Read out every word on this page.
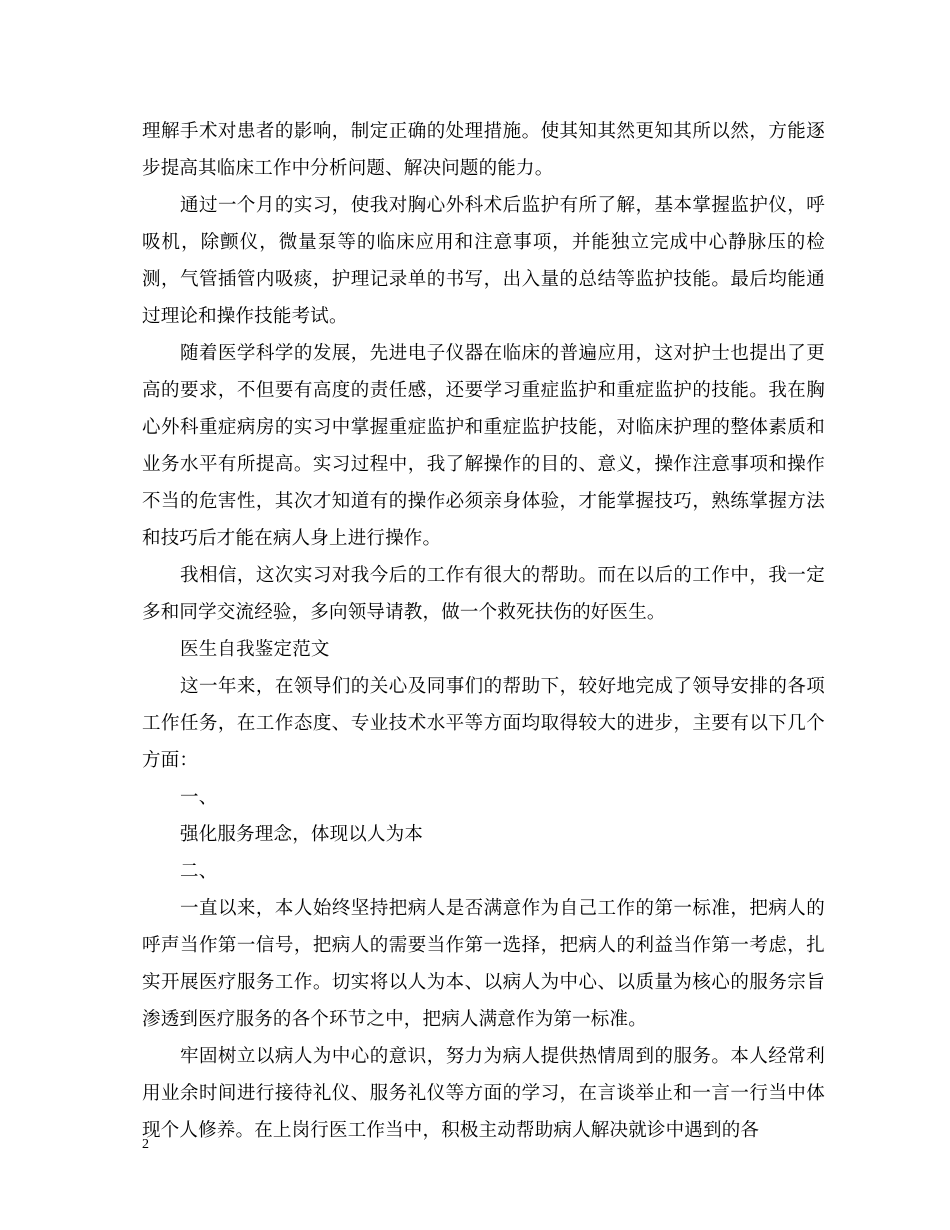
理解手术对患者的影响，制定正确的处理措施。使其知其然更知其所以然，方能逐步提高其临床工作中分析问题、解决问题的能力。

通过一个月的实习，使我对胸心外科术后监护有所了解，基本掌握监护仪，呼吸机，除颤仪，微量泵等的临床应用和注意事项，并能独立完成中心静脉压的检测，气管插管内吸痰，护理记录单的书写，出入量的总结等监护技能。最后均能通过理论和操作技能考试。

随着医学科学的发展，先进电子仪器在临床的普遍应用，这对护士也提出了更高的要求，不但要有高度的责任感，还要学习重症监护和重症监护的技能。我在胸心外科重症病房的实习中掌握重症监护和重症监护技能，对临床护理的整体素质和业务水平有所提高。实习过程中，我了解操作的目的、意义，操作注意事项和操作不当的危害性，其次才知道有的操作必须亲身体验，才能掌握技巧，熟练掌握方法和技巧后才能在病人身上进行操作。

我相信，这次实习对我今后的工作有很大的帮助。而在以后的工作中，我一定多和同学交流经验，多向领导请教，做一个救死扶伤的好医生。

医生自我鉴定范文

这一年来，在领导们的关心及同事们的帮助下，较好地完成了领导安排的各项工作任务，在工作态度、专业技术水平等方面均取得较大的进步，主要有以下几个方面：

一、

强化服务理念，体现以人为本

二、

一直以来，本人始终坚持把病人是否满意作为自己工作的第一标准，把病人的呼声当作第一信号，把病人的需要当作第一选择，把病人的利益当作第一考虑，扎实开展医疗服务工作。切实将以人为本、以病人为中心、以质量为核心的服务宗旨渗透到医疗服务的各个环节之中，把病人满意作为第一标准。

牢固树立以病人为中心的意识，努力为病人提供热情周到的服务。本人经常利用业余时间进行接待礼仪、服务礼仪等方面的学习，在言谈举止和一言一行当中体现个人修养。在上岗行医工作当中，积极主动帮助病人解决就诊中遇到的各

2
